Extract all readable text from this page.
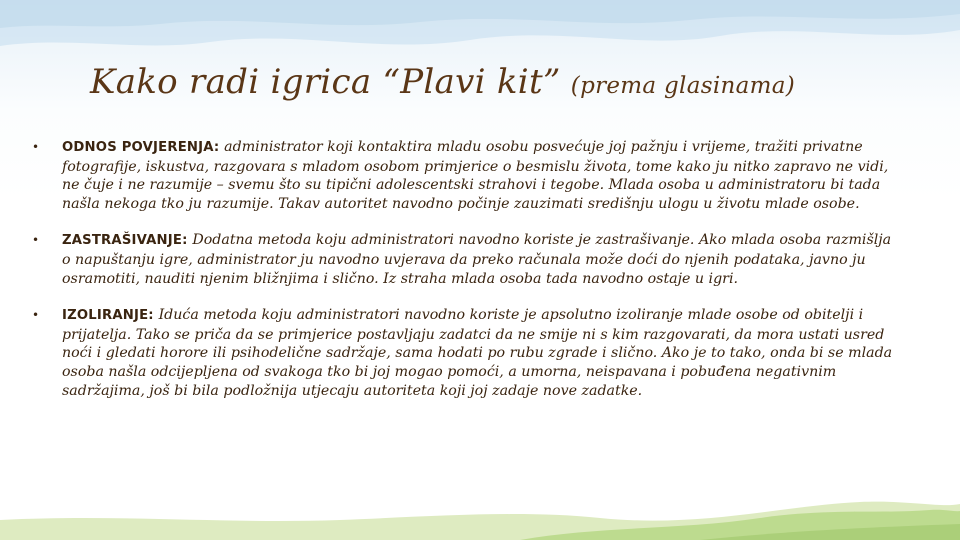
Kako radi igrica “Plavi kit” (prema glasinama)
• ODNOS POVJERENJA: administrator koji kontaktira mladu osobu posvećuje joj pažnju i vrijeme, tražiti privatne fotografije, iskustva, razgovara s mladom osobom primjerice o besmislu života, tome kako ju nitko zapravo ne vidi, ne čuje i ne razumije – svemu što su tipični adolescentski strahovi i tegobe. Mlada osoba u administratoru bi tada našla nekoga tko ju razumije. Takav autoritet navodno počinje zauzimati središnju ulogu u životu mlade osobe.
• ZASTRAŠIVANJE: Dodatna metoda koju administratori navodno koriste je zastrašivanje. Ako mlada osoba razmišlja o napuštanju igre, administrator ju navodno uvjerava da preko računala može doći do njenih podataka, javno ju osramotiti, nauditi njenim bližnjima i slično. Iz straha mlada osoba tada navodno ostaje u igri.
• IZOLIRANJE: Iduća metoda koju administratori navodno koriste je apsolutno izoliranje mlade osobe od obitelji i prijatelja. Tako se priča da se primjerice postavljaju zadatci da ne smije ni s kim razgovarati, da mora ustati usred noći i gledati horore ili psihodelične sadržaje, sama hodati po rubu zgrade i slično. Ako je to tako, onda bi se mlada osoba našla odcijepljena od svakoga tko bi joj mogao pomoći, a umorna, neispavana i pobuđena negativnim sadržajima, još bi bila podložnija utjecaju autoriteta koji joj zadaje nove zadatke.
